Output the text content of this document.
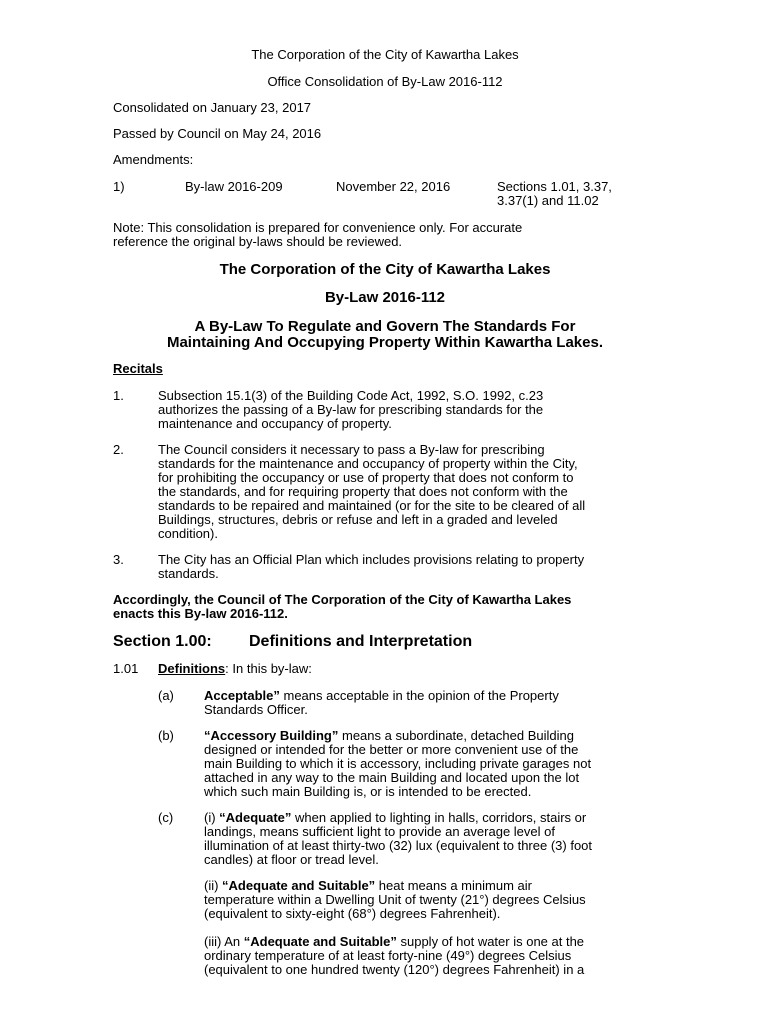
The Corporation of the City of Kawartha Lakes
Office Consolidation of By-Law 2016-112
Consolidated on January 23, 2017
Passed by Council on May 24, 2016
Amendments:
1)	By-law 2016-209	November 22, 2016	Sections 1.01, 3.37,
3.37(1) and 11.02
Note: This consolidation is prepared for convenience only. For accurate
reference the original by-laws should be reviewed.
The Corporation of the City of Kawartha Lakes
By-Law 2016-112
A By-Law To Regulate and Govern The Standards For
Maintaining And Occupying Property Within Kawartha Lakes.
Recitals
1.	Subsection 15.1(3) of the Building Code Act, 1992, S.O. 1992, c.23
authorizes the passing of a By-law for prescribing standards for the
maintenance and occupancy of property.
2.	The Council considers it necessary to pass a By-law for prescribing
standards for the maintenance and occupancy of property within the City,
for prohibiting the occupancy or use of property that does not conform to
the standards, and for requiring property that does not conform with the
standards to be repaired and maintained (or for the site to be cleared of all
Buildings, structures, debris or refuse and left in a graded and leveled
condition).
3.	The City has an Official Plan which includes provisions relating to property
standards.
Accordingly, the Council of The Corporation of the City of Kawartha Lakes
enacts this By-law 2016-112.
Section 1.00: Definitions and Interpretation
1.01 Definitions: In this by-law:
(a) Acceptable” means acceptable in the opinion of the Property
Standards Officer.
(b) “Accessory Building” means a subordinate, detached Building
designed or intended for the better or more convenient use of the
main Building to which it is accessory, including private garages not
attached in any way to the main Building and located upon the lot
which such main Building is, or is intended to be erected.
(c) (i) “Adequate” when applied to lighting in halls, corridors, stairs or
landings, means sufficient light to provide an average level of
illumination of at least thirty-two (32) lux (equivalent to three (3) foot
candles) at floor or tread level.
(ii) “Adequate and Suitable” heat means a minimum air
temperature within a Dwelling Unit of twenty (21°) degrees Celsius
(equivalent to sixty-eight (68°) degrees Fahrenheit).
(iii) An “Adequate and Suitable” supply of hot water is one at the
ordinary temperature of at least forty-nine (49°) degrees Celsius
(equivalent to one hundred twenty (120°) degrees Fahrenheit) in a
